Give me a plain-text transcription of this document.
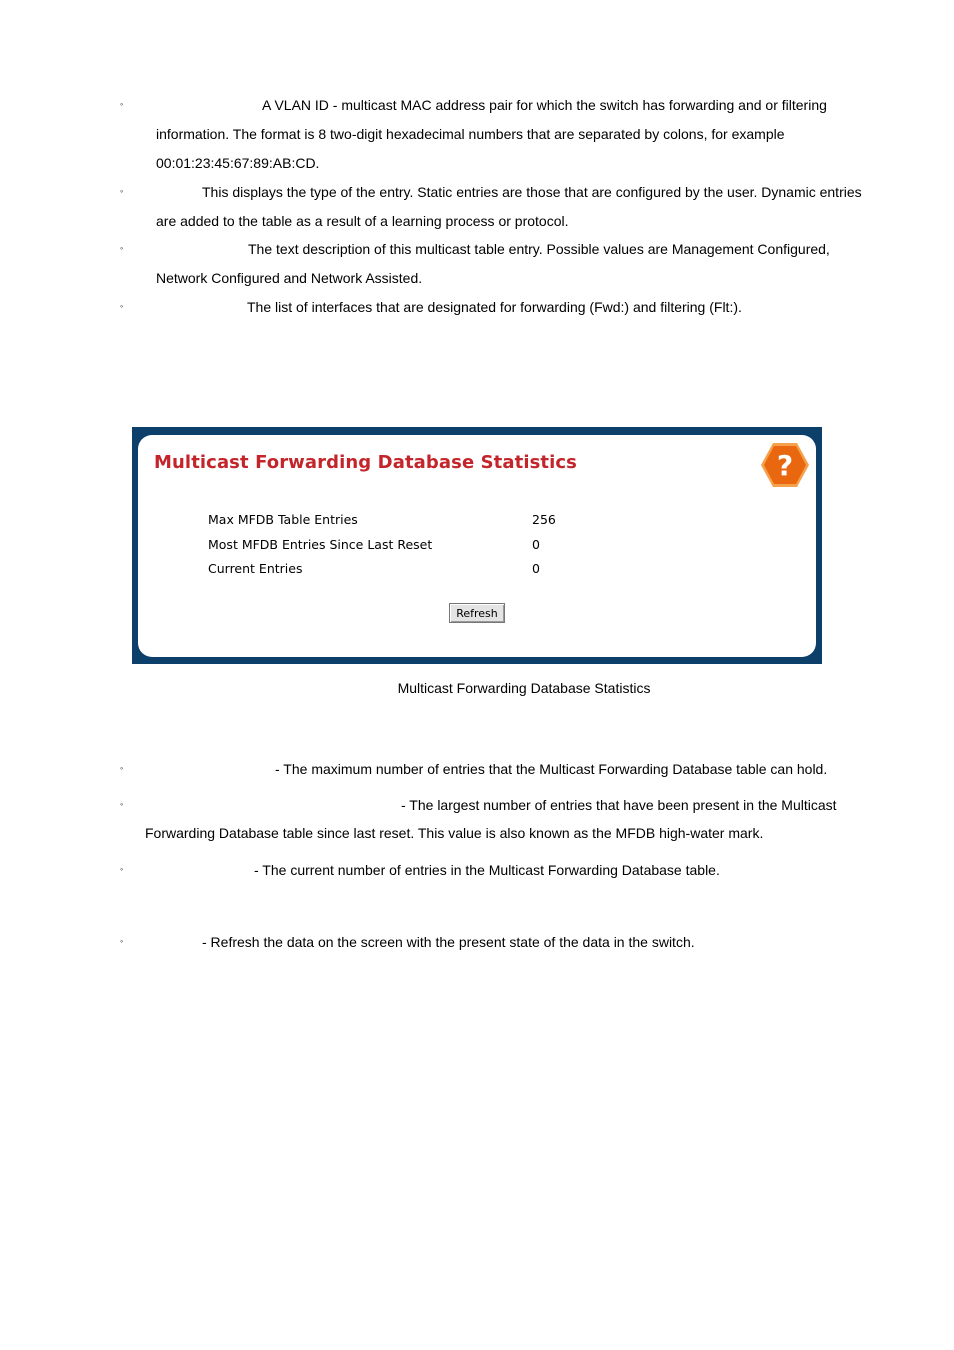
◦	A VLAN ID - multicast MAC address pair for which the switch has forwarding and or filtering
information. The format is 8 two-digit hexadecimal numbers that are separated by colons, for example
00:01:23:45:67:89:AB:CD.
◦	This displays the type of the entry. Static entries are those that are configured by the user. Dynamic entries
are added to the table as a result of a learning process or protocol.
◦	The text description of this multicast table entry. Possible values are Management Configured,
Network Configured and Network Assisted.
◦	The list of interfaces that are designated for forwarding (Fwd:) and filtering (Flt:).
Multicast Forwarding Database Statistics	?
Max MFDB Table Entries	256
Most MFDB Entries Since Last Reset	0
Current Entries	0
Refresh
Multicast Forwarding Database Statistics
◦	- The maximum number of entries that the Multicast Forwarding Database table can hold.
◦	- The largest number of entries that have been present in the Multicast
Forwarding Database table since last reset. This value is also known as the MFDB high-water mark.
◦	- The current number of entries in the Multicast Forwarding Database table.
◦	- Refresh the data on the screen with the present state of the data in the switch.
